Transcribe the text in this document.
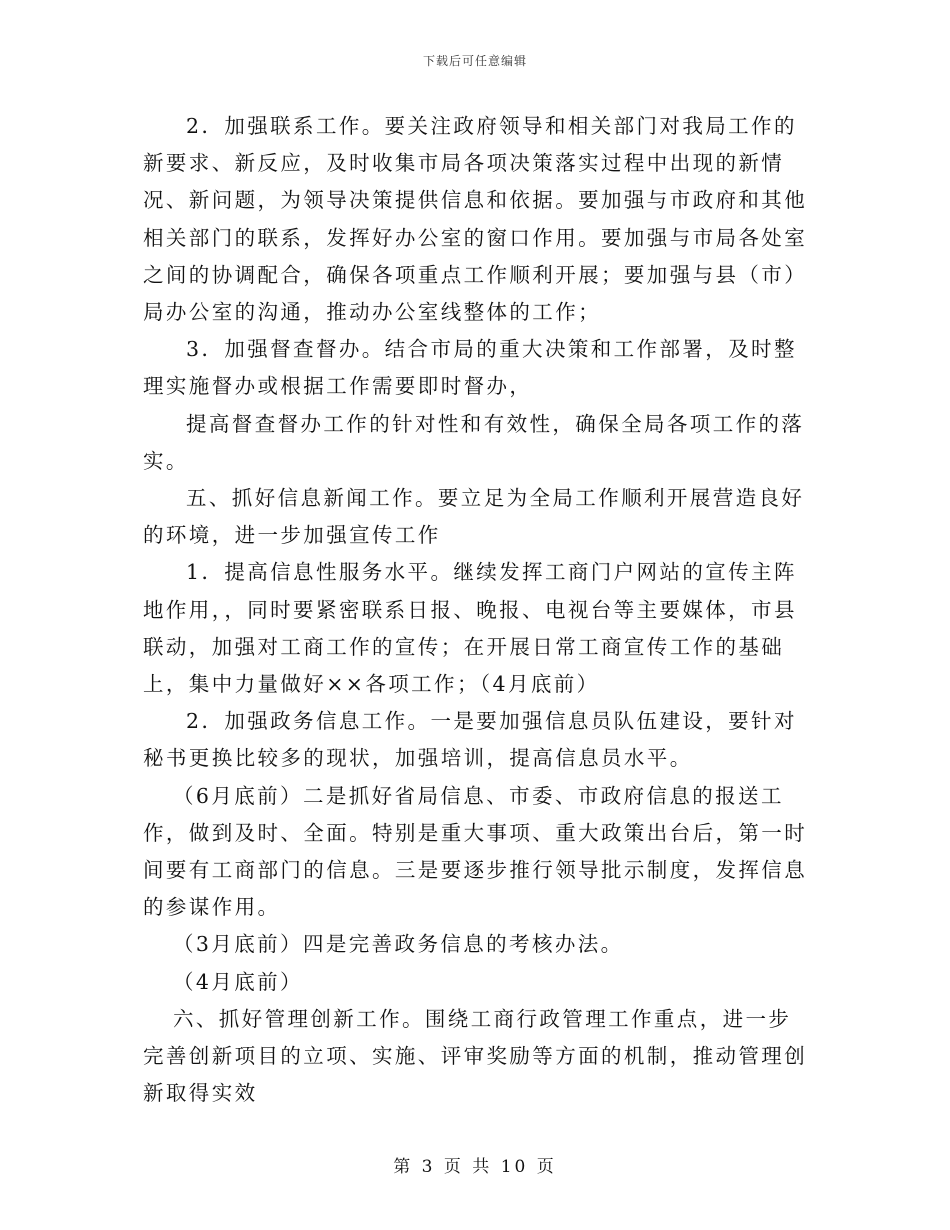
下载后可任意编辑

2．加强联系工作。要关注政府领导和相关部门对我局工作的新要求、新反应，及时收集市局各项决策落实过程中出现的新情况、新问题，为领导决策提供信息和依据。要加强与市政府和其他相关部门的联系，发挥好办公室的窗口作用。要加强与市局各处室之间的协调配合，确保各项重点工作顺利开展；要加强与县（市）局办公室的沟通，推动办公室线整体的工作；

3．加强督查督办。结合市局的重大决策和工作部署，及时整理实施督办或根据工作需要即时督办，

提高督查督办工作的针对性和有效性，确保全局各项工作的落实。

五、抓好信息新闻工作。要立足为全局工作顺利开展营造良好的环境，进一步加强宣传工作

1．提高信息性服务水平。继续发挥工商门户网站的宣传主阵地作用，，同时要紧密联系日报、晚报、电视台等主要媒体，市县联动，加强对工商工作的宣传；在开展日常工商宣传工作的基础上，集中力量做好××各项工作；（4月底前）

2．加强政务信息工作。一是要加强信息员队伍建设，要针对秘书更换比较多的现状，加强培训，提高信息员水平。

（6月底前）二是抓好省局信息、市委、市政府信息的报送工作，做到及时、全面。特别是重大事项、重大政策出台后，第一时间要有工商部门的信息。三是要逐步推行领导批示制度，发挥信息的参谋作用。

（3月底前）四是完善政务信息的考核办法。

（4月底前）

六、抓好管理创新工作。围绕工商行政管理工作重点，进一步完善创新项目的立项、实施、评审奖励等方面的机制，推动管理创新取得实效

第 3 页 共 10 页
